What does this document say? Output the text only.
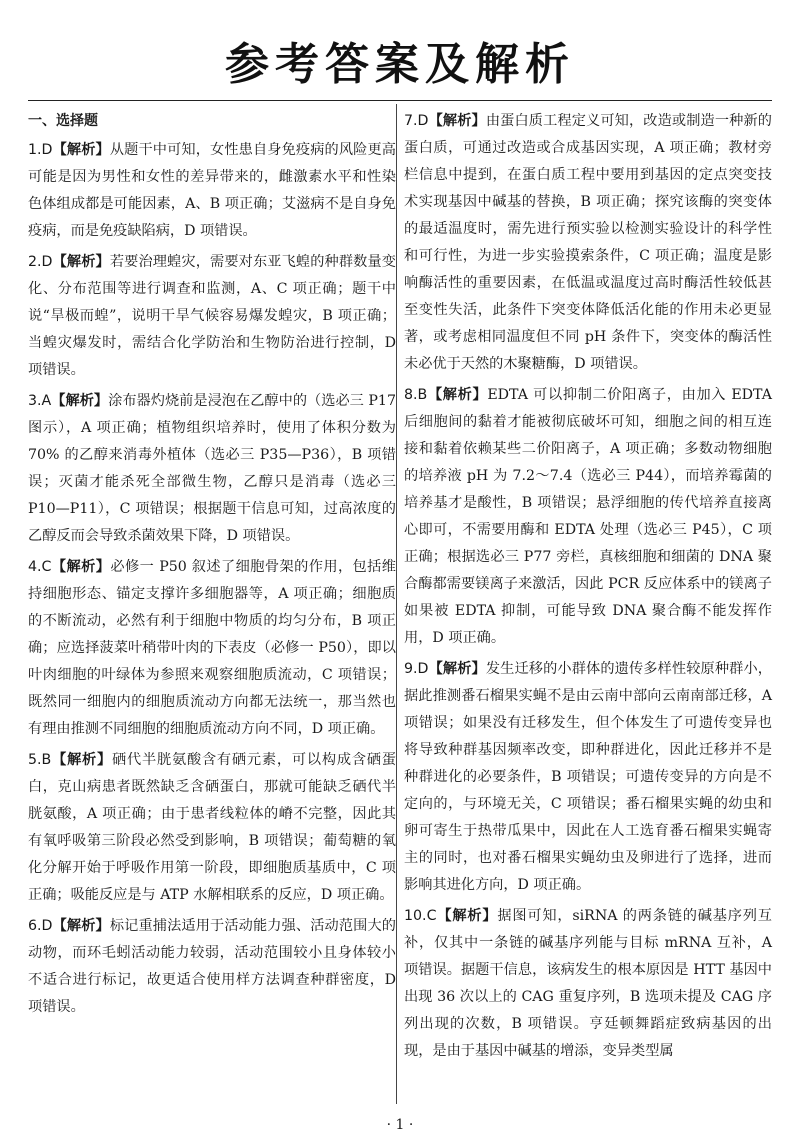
参考答案及解析
一、选择题

1.D【解析】从题干中可知，女性患自身免疫病的风险更高可能是因为男性和女性的差异带来的，雌激素水平和性染色体组成都是可能因素，A、B 项正确；艾滋病不是自身免疫病，而是免疫缺陷病，D 项错误。

2.D【解析】若要治理蝗灾，需要对东亚飞蝗的种群数量变化、分布范围等进行调查和监测，A、C 项正确；题干中说“旱极而蝗”，说明干旱气候容易爆发蝗灾，B 项正确；当蝗灾爆发时，需结合化学防治和生物防治进行控制，D 项错误。

3.A【解析】涂布器灼烧前是浸泡在乙醇中的（选必三 P17 图示），A 项正确；植物组织培养时，使用了体积分数为 70% 的乙醇来消毒外植体（选必三 P35—P36），B 项错误；灭菌才能杀死全部微生物，乙醇只是消毒（选必三 P10—P11），C 项错误；根据题干信息可知，过高浓度的乙醇反而会导致杀菌效果下降，D 项错误。

4.C【解析】必修一 P50 叙述了细胞骨架的作用，包括维持细胞形态、锚定支撑许多细胞器等，A 项正确；细胞质的不断流动，必然有利于细胞中物质的均匀分布，B 项正确；应选择菠菜叶稍带叶肉的下表皮（必修一 P50），即以叶肉细胞的叶绿体为参照来观察细胞质流动，C 项错误；既然同一细胞内的细胞质流动方向都无法统一，那当然也有理由推测不同细胞的细胞质流动方向不同，D 项正确。

5.B【解析】硒代半胱氨酸含有硒元素，可以构成含硒蛋白，克山病患者既然缺乏含硒蛋白，那就可能缺乏硒代半胱氨酸，A 项正确；由于患者线粒体的嵴不完整，因此其有氧呼吸第三阶段必然受到影响，B 项错误；葡萄糖的氧化分解开始于呼吸作用第一阶段，即细胞质基质中，C 项正确；吸能反应是与 ATP 水解相联系的反应，D 项正确。

6.D【解析】标记重捕法适用于活动能力强、活动范围大的动物，而环毛蚓活动能力较弱，活动范围较小且身体较小不适合进行标记，故更适合使用样方法调查种群密度，D 项错误。

7.D【解析】由蛋白质工程定义可知，改造或制造一种新的蛋白质，可通过改造或合成基因实现，A 项正确；教材旁栏信息中提到，在蛋白质工程中要用到基因的定点突变技术实现基因中碱基的替换，B 项正确；探究该酶的突变体的最适温度时，需先进行预实验以检测实验设计的科学性和可行性，为进一步实验摸索条件，C 项正确；温度是影响酶活性的重要因素，在低温或温度过高时酶活性较低甚至变性失活，此条件下突变体降低活化能的作用未必更显著，或考虑相同温度但不同 pH 条件下，突变体的酶活性未必优于天然的木聚糖酶，D 项错误。

8.B【解析】EDTA 可以抑制二价阳离子，由加入 EDTA 后细胞间的黏着才能被彻底破坏可知，细胞之间的相互连接和黏着依赖某些二价阳离子，A 项正确；多数动物细胞的培养液 pH 为 7.2～7.4（选必三 P44），而培养霉菌的培养基才是酸性，B 项错误；悬浮细胞的传代培养直接离心即可，不需要用酶和 EDTA 处理（选必三 P45），C 项正确；根据选必三 P77 旁栏，真核细胞和细菌的 DNA 聚合酶都需要镁离子来激活，因此 PCR 反应体系中的镁离子如果被 EDTA 抑制，可能导致 DNA 聚合酶不能发挥作用，D 项正确。

9.D【解析】发生迁移的小群体的遗传多样性较原种群小，据此推测番石榴果实蝇不是由云南中部向云南南部迁移，A 项错误；如果没有迁移发生，但个体发生了可遗传变异也将导致种群基因频率改变，即种群进化，因此迁移并不是种群进化的必要条件，B 项错误；可遗传变异的方向是不定向的，与环境无关，C 项错误；番石榴果实蝇的幼虫和卵可寄生于热带瓜果中，因此在人工选育番石榴果实蝇寄主的同时，也对番石榴果实蝇幼虫及卵进行了选择，进而影响其进化方向，D 项正确。

10.C【解析】据图可知，siRNA 的两条链的碱基序列互补，仅其中一条链的碱基序列能与目标 mRNA 互补，A 项错误。据题干信息，该病发生的根本原因是 HTT 基因中出现 36 次以上的 CAG 重复序列，B 选项未提及 CAG 序列出现的次数，B 项错误。亨廷顿舞蹈症致病基因的出现，是由于基因中碱基的增添，变异类型属

· 1 ·
